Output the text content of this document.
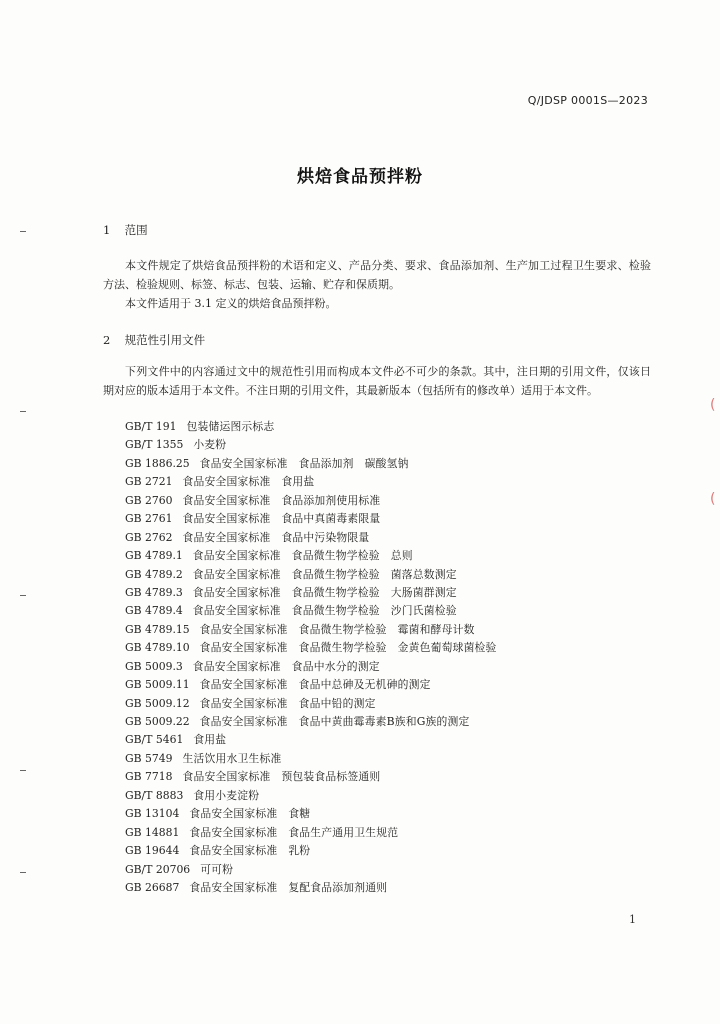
Q/JDSP 0001S—2023
烘焙食品预拌粉
1 范围

本文件规定了烘焙食品预拌粉的术语和定义、产品分类、要求、食品添加剂、生产加工过程卫生要求、检验方法、检验规则、标签、标志、包装、运输、贮存和保质期。

本文件适用于 3.1 定义的烘焙食品预拌粉。

2 规范性引用文件

下列文件中的内容通过文中的规范性引用而构成本文件必不可少的条款。其中，注日期的引用文件，仅该日期对应的版本适用于本文件。不注日期的引用文件，其最新版本（包括所有的修改单）适用于本文件。

GB/T 191 包装储运图示标志
GB/T 1355 小麦粉
GB 1886.25 食品安全国家标准　食品添加剂　碳酸氢钠
GB 2721 食品安全国家标准　食用盐
GB 2760 食品安全国家标准　食品添加剂使用标准
GB 2761 食品安全国家标准　食品中真菌毒素限量
GB 2762 食品安全国家标准　食品中污染物限量
GB 4789.1 食品安全国家标准　食品微生物学检验　总则
GB 4789.2 食品安全国家标准　食品微生物学检验　菌落总数测定
GB 4789.3 食品安全国家标准　食品微生物学检验　大肠菌群测定
GB 4789.4 食品安全国家标准　食品微生物学检验　沙门氏菌检验
GB 4789.15 食品安全国家标准　食品微生物学检验　霉菌和酵母计数
GB 4789.10 食品安全国家标准　食品微生物学检验　金黄色葡萄球菌检验
GB 5009.3 食品安全国家标准　食品中水分的测定
GB 5009.11 食品安全国家标准　食品中总砷及无机砷的测定
GB 5009.12 食品安全国家标准　食品中铅的测定
GB 5009.22 食品安全国家标准　食品中黄曲霉毒素B族和G族的测定
GB/T 5461 食用盐
GB 5749 生活饮用水卫生标准
GB 7718 食品安全国家标准　预包装食品标签通则
GB/T 8883 食用小麦淀粉
GB 13104 食品安全国家标准　食糖
GB 14881 食品安全国家标准　食品生产通用卫生规范
GB 19644 食品安全国家标准　乳粉
GB/T 20706 可可粉
GB 26687 食品安全国家标准　复配食品添加剂通则
1
(
(
